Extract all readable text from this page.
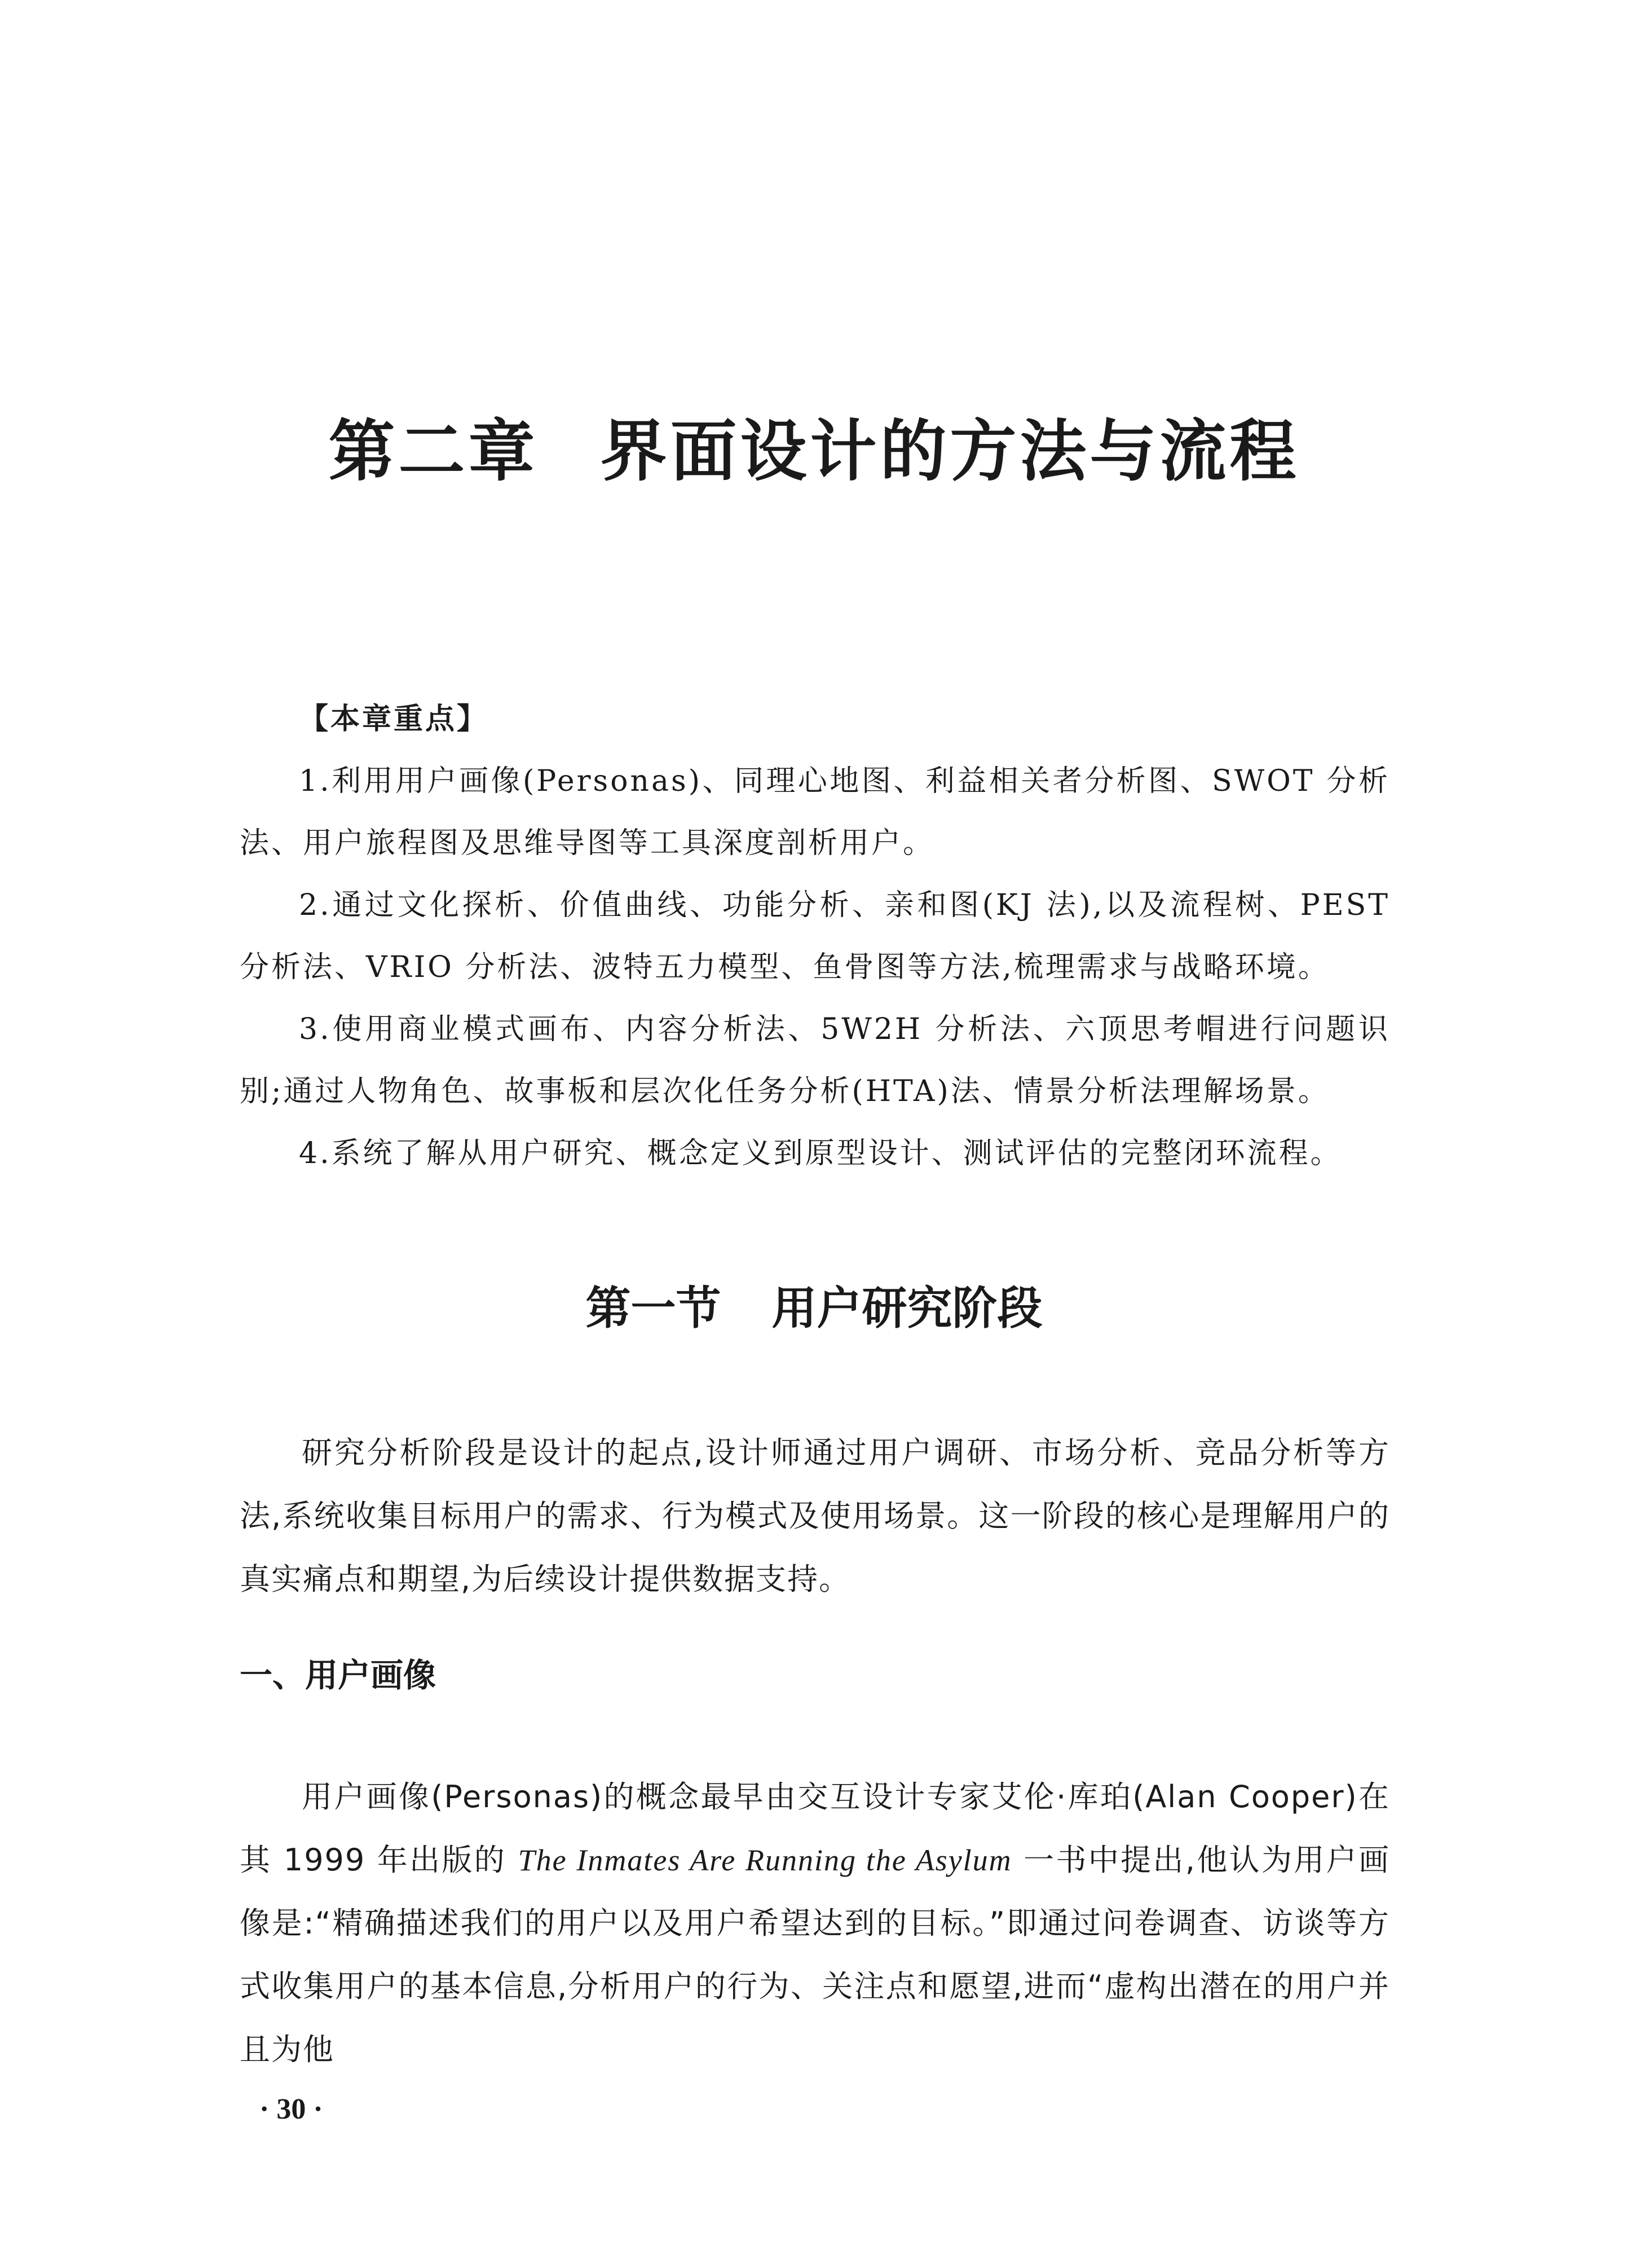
第二章 界面设计的方法与流程

【本章重点】

1.利用用户画像(Personas)、同理心地图、利益相关者分析图、SWOT 分析法、用户旅程图及思维导图等工具深度剖析用户。

2.通过文化探析、价值曲线、功能分析、亲和图(KJ 法),以及流程树、PEST 分析法、VRIO 分析法、波特五力模型、鱼骨图等方法,梳理需求与战略环境。

3.使用商业模式画布、内容分析法、5W2H 分析法、六顶思考帽进行问题识别;通过人物角色、故事板和层次化任务分析(HTA)法、情景分析法理解场景。

4.系统了解从用户研究、概念定义到原型设计、测试评估的完整闭环流程。

第一节 用户研究阶段

研究分析阶段是设计的起点,设计师通过用户调研、市场分析、竞品分析等方法,系统收集目标用户的需求、行为模式及使用场景。这一阶段的核心是理解用户的真实痛点和期望,为后续设计提供数据支持。

一、用户画像

用户画像(Personas)的概念最早由交互设计专家艾伦·库珀(Alan Cooper)在其 1999 年出版的 The Inmates Are Running the Asylum 一书中提出,他认为用户画像是:“精确描述我们的用户以及用户希望达到的目标。”即通过问卷调查、访谈等方式收集用户的基本信息,分析用户的行为、关注点和愿望,进而“虚构出潜在的用户并且为他

· 30 ·
